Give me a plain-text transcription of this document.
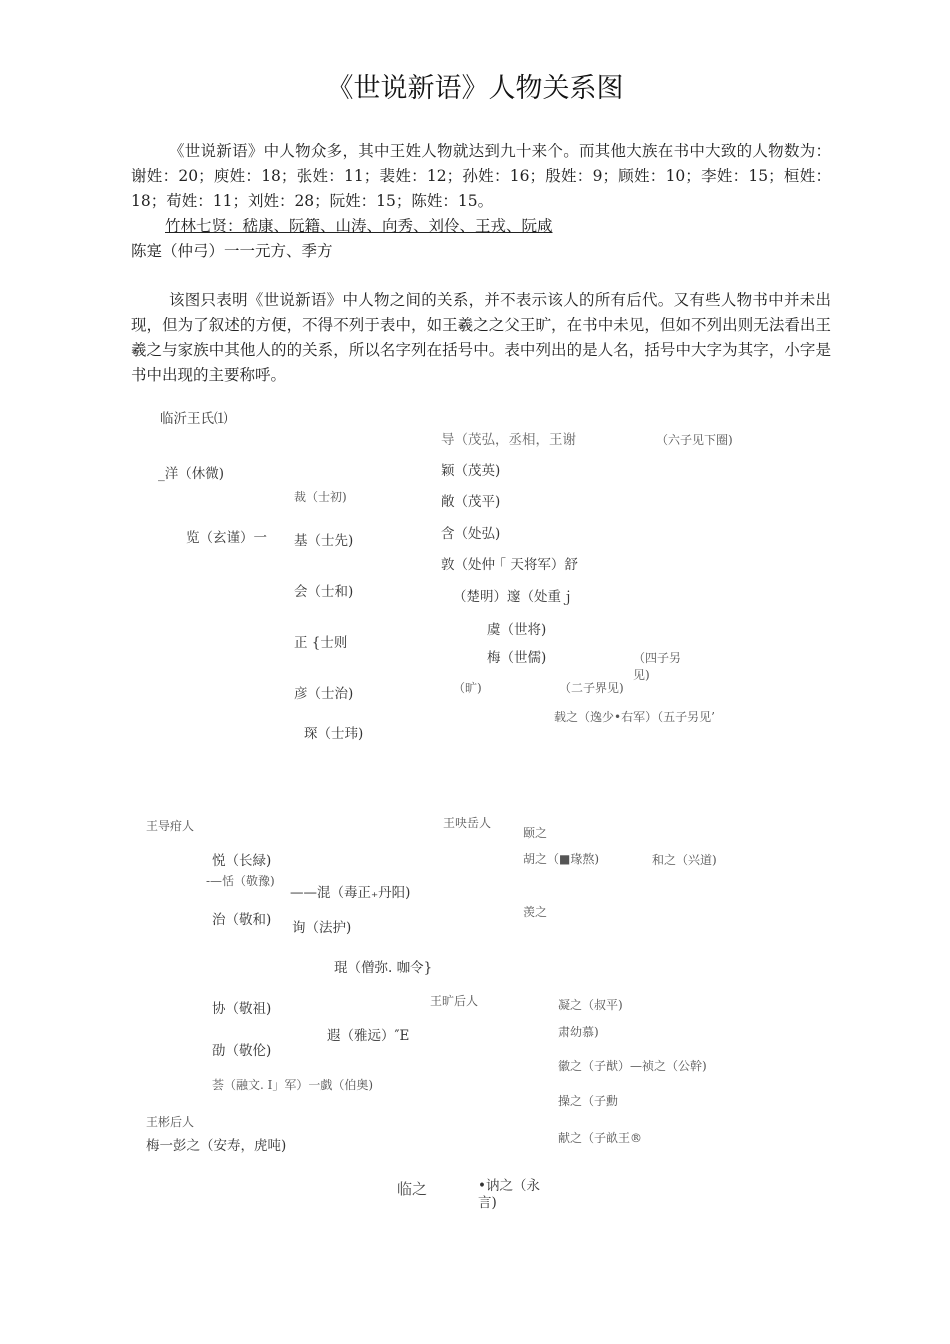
《世说新语》人物关系图

《世说新语》中人物众多，其中王姓人物就达到九十来个。而其他大族在书中大致的人物数为：谢姓：20；庾姓：18；张姓：11；裴姓：12；孙姓：16；殷姓：9；顾姓：10；李姓：15；桓姓：18；荀姓：11；刘姓：28；阮姓：15；陈姓：15。

竹林七贤：嵇康、阮籍、山涛、向秀、刘伶、王戎、阮咸
陈寔（仲弓）一一元方、季方

该图只表明《世说新语》中人物之间的关系，并不表示该人的所有后代。又有些人物书中并未出现，但为了叙述的方便，不得不列于表中，如王羲之之父王旷，在书中未见，但如不列出则无法看出王羲之与家族中其他人的的关系，所以名字列在括号中。表中列出的是人名，括号中大字为其字，小字是书中出现的主要称呼。

临沂王氏⑴
_洋（休微)
览（玄谨）一
裁（士初)
基（士先)
会（士和)
正 {士则
彦（士治)
琛（士玮)
导（茂弘，丞相，王谢	（六子见下圈)
颖（茂英)
敞（茂平)
含（处弘)
敦（处仲 ｢ 天将军）舒
（楚明）邃（处重ｊ
虞（世将)
梅（世儒)	（四子另见)
（旷)	（二子界见)
载之（逸少•右军）（五子另见’
王导疳人
悦（长緑)
-—恬（敬豫)
——混（毒正₊丹阳)
治（敬和) 询（法护)
琨（僧弥. 咖令}
协（敬祖)
劭（敬伦)
遐（雅远）″E
荟（融文. Ⅰ」军）一戯（伯奥)
王彬后人
梅一彭之（安寿，虎吨)
王吷岳人
颐之
胡之（■瑑熬)	和之（兴道)
羡之
王旷后人	凝之（叔平)
肃幼慕)
徽之（子猷）—祯之（公幹)
操之（子勳
献之（子畝王®
临之	•讷之（永言)
